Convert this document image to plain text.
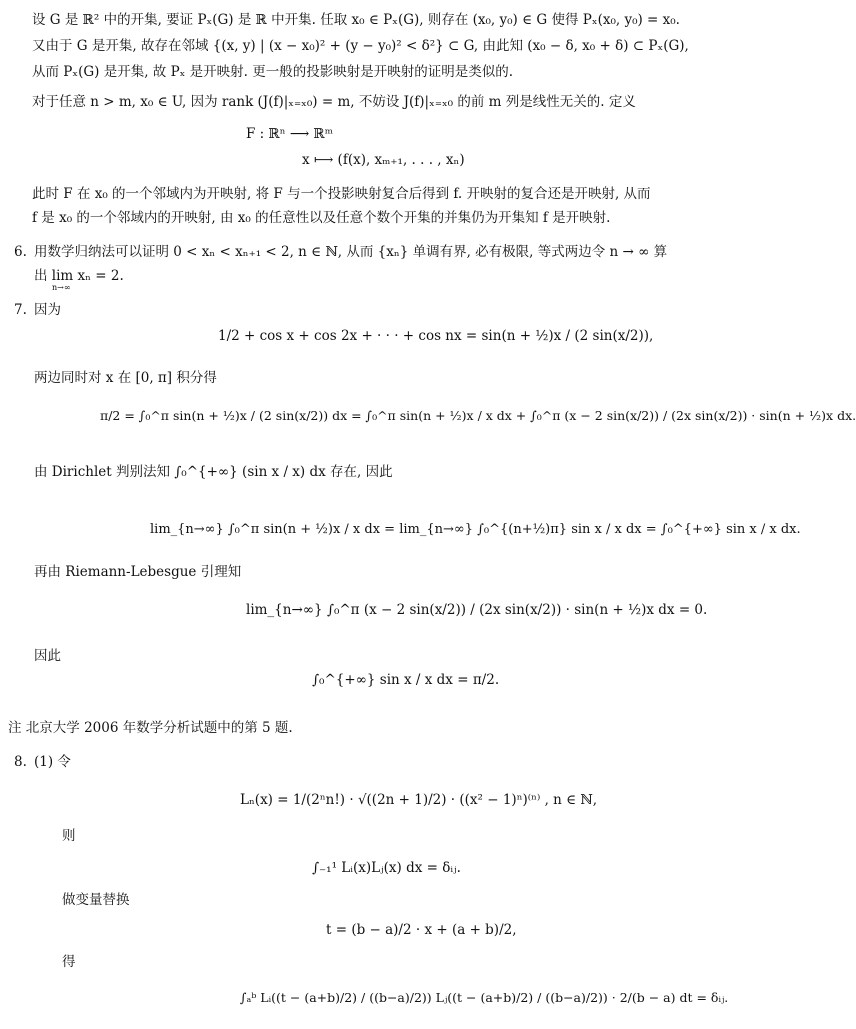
设 G 是 ℝ² 中的开集, 要证 Pₓ(G) 是 ℝ 中开集. 任取 x₀ ∈ Pₓ(G), 则存在 (x₀, y₀) ∈ G 使得 Pₓ(x₀, y₀) = x₀.
又由于 G 是开集, 故存在邻域 {(x, y) | (x − x₀)² + (y − y₀)² < δ²} ⊂ G, 由此知 (x₀ − δ, x₀ + δ) ⊂ Pₓ(G),
从而 Pₓ(G) 是开集, 故 Pₓ 是开映射. 更一般的投影映射是开映射的证明是类似的.
对于任意 n > m, x₀ ∈ U, 因为 rank (J(f)|ₓ₌ₓ₀) = m, 不妨设 J(f)|ₓ₌ₓ₀ 的前 m 列是线性无关的. 定义
F : ℝⁿ ⟶ ℝᵐ
x ⟼ (f(x), xₘ₊₁, . . . , xₙ)
此时 F 在 x₀ 的一个邻域内为开映射, 将 F 与一个投影映射复合后得到 f. 开映射的复合还是开映射, 从而
f 是 x₀ 的一个邻域内的开映射, 由 x₀ 的任意性以及任意个数个开集的并集仍为开集知 f 是开映射.
6. 用数学归纳法可以证明 0 < xₙ < xₙ₊₁ < 2, n ∈ ℕ, 从而 {xₙ} 单调有界, 必有极限, 等式两边令 n → ∞ 算
出 lim xₙ = 2.
n→∞
7. 因为
1/2 + cos x + cos 2x + · · · + cos nx = sin(n + ½)x / (2 sin(x/2)),
两边同时对 x 在 [0, π] 积分得
π/2 = ∫₀^π sin(n + ½)x / (2 sin(x/2)) dx = ∫₀^π sin(n + ½)x / x dx + ∫₀^π (x − 2 sin(x/2)) / (2x sin(x/2)) · sin(n + ½)x dx.
由 Dirichlet 判别法知 ∫₀^{+∞} (sin x / x) dx 存在, 因此
lim_{n→∞} ∫₀^π sin(n + ½)x / x dx = lim_{n→∞} ∫₀^{(n+½)π} sin x / x dx = ∫₀^{+∞} sin x / x dx.
再由 Riemann-Lebesgue 引理知
lim_{n→∞} ∫₀^π (x − 2 sin(x/2)) / (2x sin(x/2)) · sin(n + ½)x dx = 0.
因此
∫₀^{+∞} sin x / x dx = π/2.
注 北京大学 2006 年数学分析试题中的第 5 题.
8. (1) 令
Lₙ(x) = 1/(2ⁿn!) · √((2n + 1)/2) · ((x² − 1)ⁿ)⁽ⁿ⁾ , n ∈ ℕ,
则
∫₋₁¹ Lᵢ(x)Lⱼ(x) dx = δᵢⱼ.
做变量替换
t = (b − a)/2 · x + (a + b)/2,
得
∫ₐᵇ Lᵢ((t − (a+b)/2) / ((b−a)/2)) Lⱼ((t − (a+b)/2) / ((b−a)/2)) · 2/(b − a) dt = δᵢⱼ.
